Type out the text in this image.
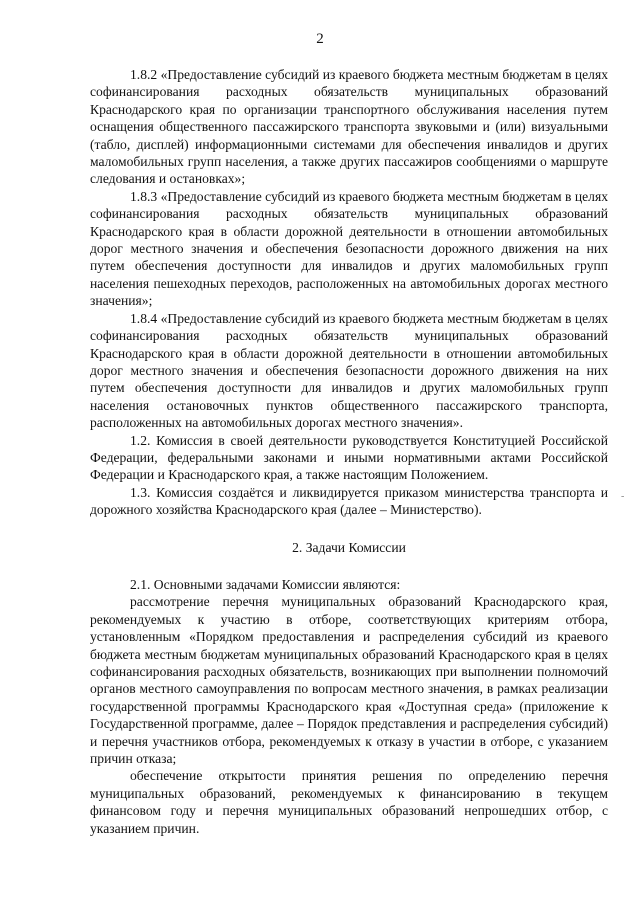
2

1.8.2 «Предоставление субсидий из краевого бюджета местным бюджетам в целях софинансирования расходных обязательств муниципальных образований Краснодарского края по организации транспортного обслуживания населения путем оснащения общественного пассажирского транспорта звуковыми и (или) визуальными (табло, дисплей) информационными системами для обеспечения инвалидов и других маломобильных групп населения, а также других пассажиров сообщениями о маршруте следования и остановках»;

1.8.3 «Предоставление субсидий из краевого бюджета местным бюджетам в целях софинансирования расходных обязательств муниципальных образований Краснодарского края в области дорожной деятельности в отношении автомобильных дорог местного значения и обеспечения безопасности дорожного движения на них путем обеспечения доступности для инвалидов и других маломобильных групп населения пешеходных переходов, расположенных на автомобильных дорогах местного значения»;

1.8.4 «Предоставление субсидий из краевого бюджета местным бюджетам в целях софинансирования расходных обязательств муниципальных образований Краснодарского края в области дорожной деятельности в отношении автомобильных дорог местного значения и обеспечения безопасности дорожного движения на них путем обеспечения доступности для инвалидов и других маломобильных групп населения остановочных пунктов общественного пассажирского транспорта, расположенных на автомобильных дорогах местного значения».

1.2. Комиссия в своей деятельности руководствуется Конституцией Российской Федерации, федеральными законами и иными нормативными актами Российской Федерации и Краснодарского края, а также настоящим Положением.

1.3. Комиссия создаётся и ликвидируется приказом министерства транспорта и дорожного хозяйства Краснодарского края (далее – Министерство).

2. Задачи Комиссии

2.1. Основными задачами Комиссии являются:

рассмотрение перечня муниципальных образований Краснодарского края, рекомендуемых к участию в отборе, соответствующих критериям отбора, установленным «Порядком предоставления и распределения субсидий из краевого бюджета местным бюджетам муниципальных образований Краснодарского края в целях софинансирования расходных обязательств, возникающих при выполнении полномочий органов местного самоуправления по вопросам местного значения, в рамках реализации государственной программы Краснодарского края «Доступная среда» (приложение к Государственной программе, далее – Порядок представления и распределения субсидий) и перечня участников отбора, рекомендуемых к отказу в участии в отборе, с указанием причин отказа;

обеспечение открытости принятия решения по определению перечня муниципальных образований, рекомендуемых к финансированию в текущем финансовом году и перечня муниципальных образований непрошедших отбор, с указанием причин.

-
